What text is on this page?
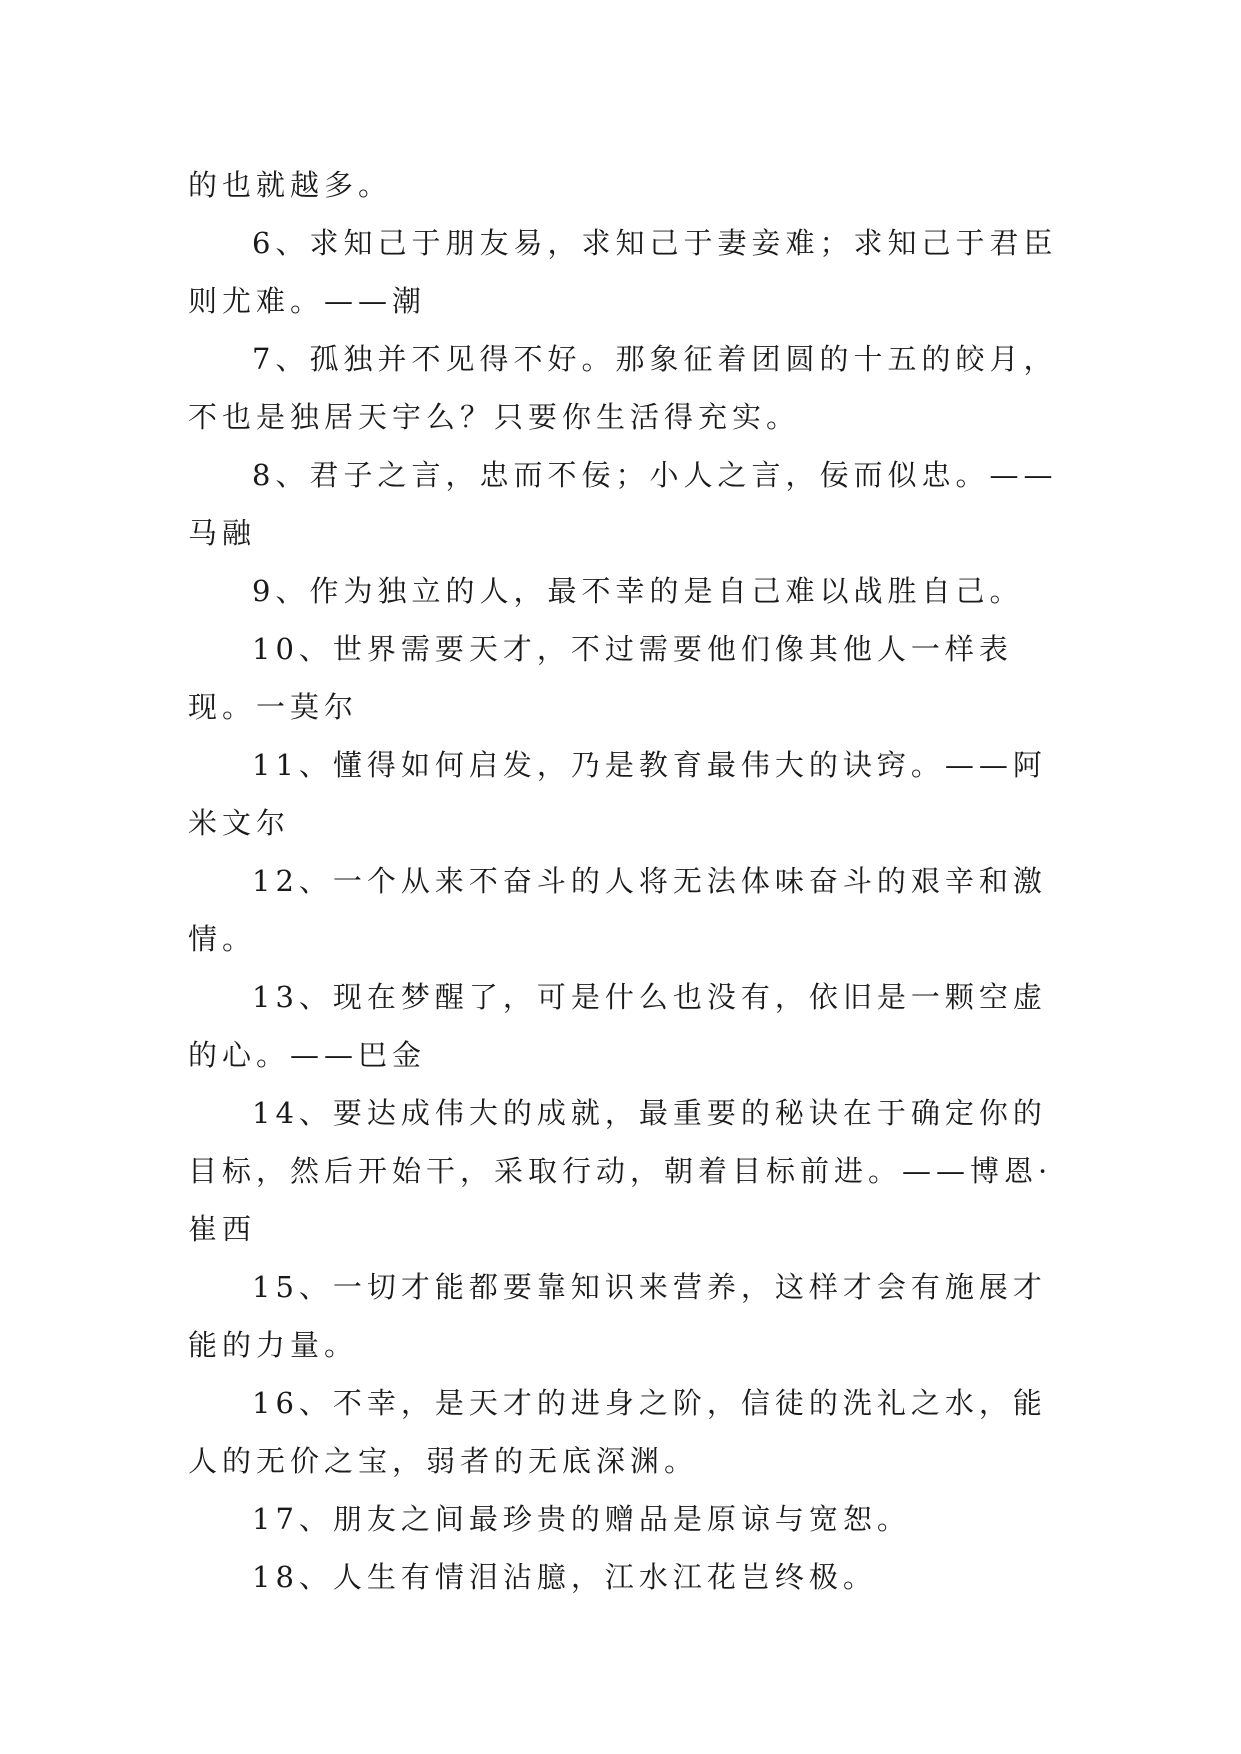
的也就越多。

6、求知己于朋友易，求知己于妻妾难；求知己于君臣则尤难。——潮

7、孤独并不见得不好。那象征着团圆的十五的皎月，不也是独居天宇么？只要你生活得充实。

8、君子之言，忠而不佞；小人之言，佞而似忠。——马融

9、作为独立的人，最不幸的是自己难以战胜自己。

10、世界需要天才，不过需要他们像其他人一样表现。一莫尔

11、懂得如何启发，乃是教育最伟大的诀窍。——阿米文尔

12、一个从来不奋斗的人将无法体味奋斗的艰辛和激情。

13、现在梦醒了，可是什么也没有，依旧是一颗空虚的心。——巴金

14、要达成伟大的成就，最重要的秘诀在于确定你的目标，然后开始干，采取行动，朝着目标前进。——博恩·崔西

15、一切才能都要靠知识来营养，这样才会有施展才能的力量。

16、不幸，是天才的进身之阶，信徒的洗礼之水，能人的无价之宝，弱者的无底深渊。

17、朋友之间最珍贵的赠品是原谅与宽恕。

18、人生有情泪沾臆，江水江花岂终极。
